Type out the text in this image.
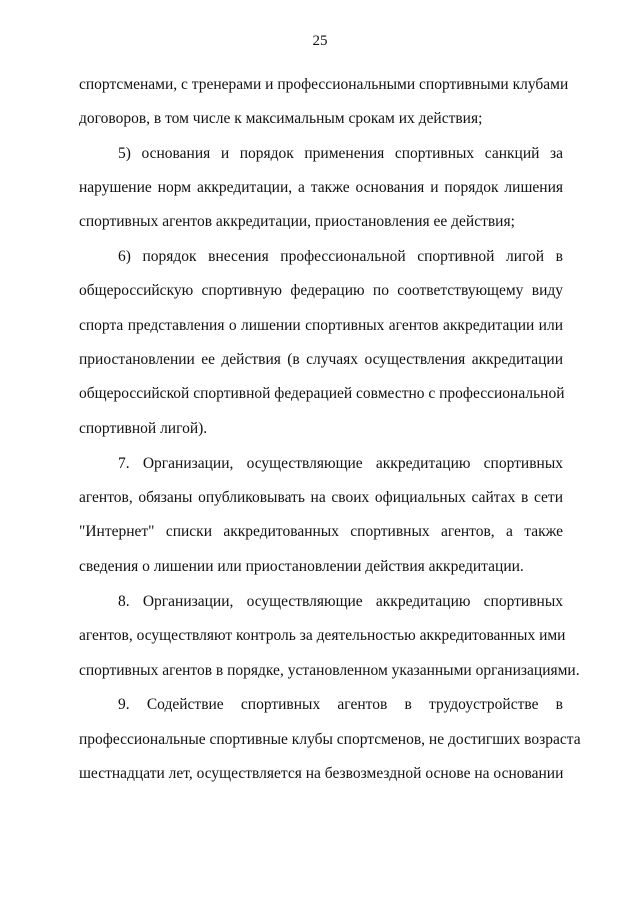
25
спортсменами, с тренерами и профессиональными спортивными клубами
договоров, в том числе к максимальным срокам их действия;
5) основания и порядок применения спортивных санкций за
нарушение норм аккредитации, а также основания и порядок лишения
спортивных агентов аккредитации, приостановления ее действия;
6) порядок внесения профессиональной спортивной лигой в
общероссийскую спортивную федерацию по соответствующему виду
спорта представления о лишении спортивных агентов аккредитации или
приостановлении ее действия (в случаях осуществления аккредитации
общероссийской спортивной федерацией совместно с профессиональной
спортивной лигой).
7. Организации, осуществляющие аккредитацию спортивных
агентов, обязаны опубликовывать на своих официальных сайтах в сети
"Интернет" списки аккредитованных спортивных агентов, а также
сведения о лишении или приостановлении действия аккредитации.
8. Организации, осуществляющие аккредитацию спортивных
агентов, осуществляют контроль за деятельностью аккредитованных ими
спортивных агентов в порядке, установленном указанными организациями.
9. Содействие спортивных агентов в трудоустройстве в
профессиональные спортивные клубы спортсменов, не достигших возраста
шестнадцати лет, осуществляется на безвозмездной основе на основании
